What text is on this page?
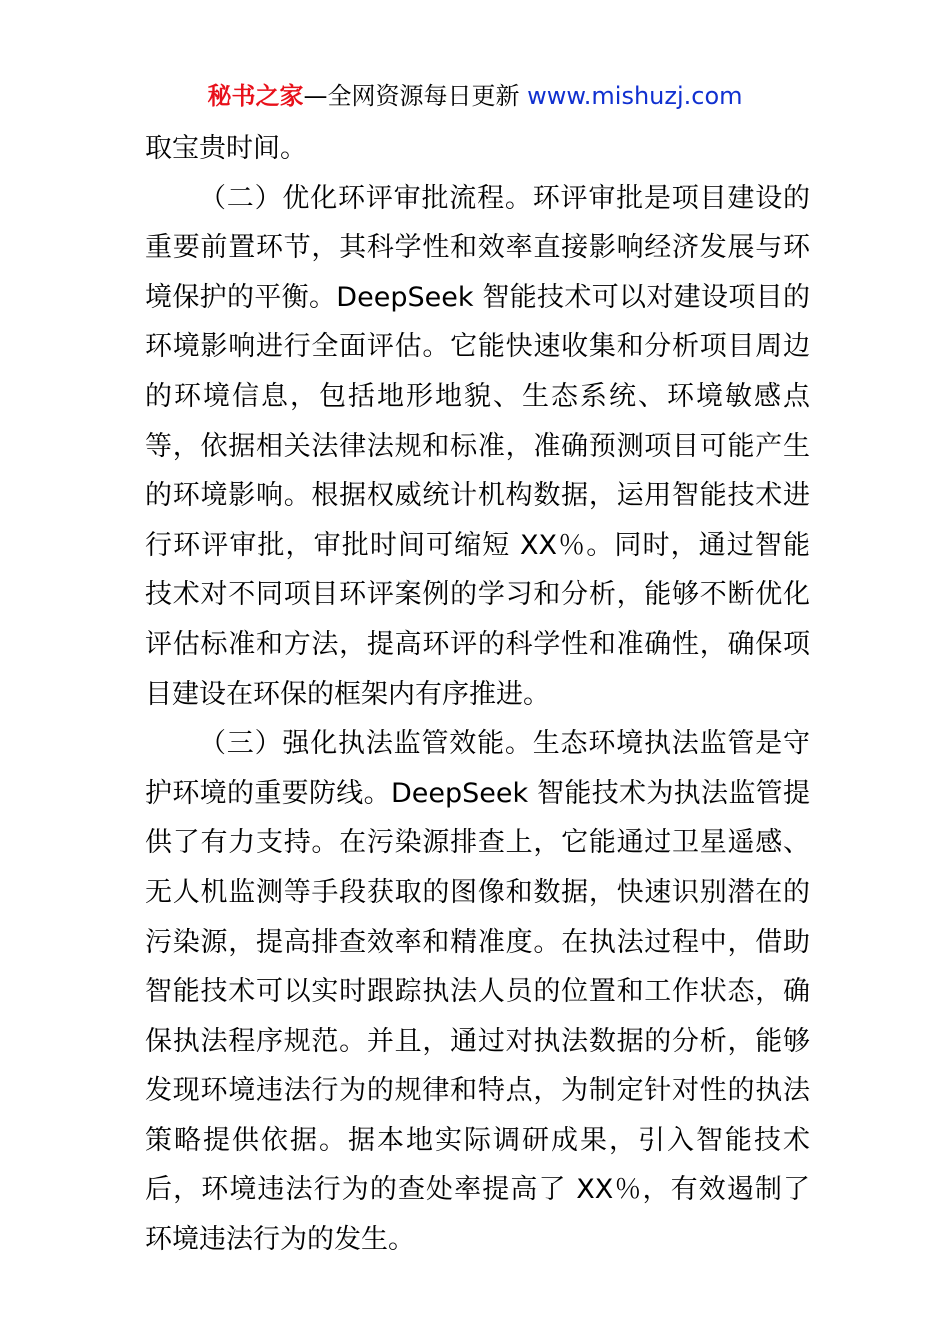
秘书之家—全网资源每日更新 www.mishuzj.com

取宝贵时间。

（二）优化环评审批流程。环评审批是项目建设的重要前置环节，其科学性和效率直接影响经济发展与环境保护的平衡。DeepSeek 智能技术可以对建设项目的环境影响进行全面评估。它能快速收集和分析项目周边的环境信息，包括地形地貌、生态系统、环境敏感点等，依据相关法律法规和标准，准确预测项目可能产生的环境影响。根据权威统计机构数据，运用智能技术进行环评审批，审批时间可缩短 XX％。同时，通过智能技术对不同项目环评案例的学习和分析，能够不断优化评估标准和方法，提高环评的科学性和准确性，确保项目建设在环保的框架内有序推进。

（三）强化执法监管效能。生态环境执法监管是守护环境的重要防线。DeepSeek 智能技术为执法监管提供了有力支持。在污染源排查上，它能通过卫星遥感、无人机监测等手段获取的图像和数据，快速识别潜在的污染源，提高排查效率和精准度。在执法过程中，借助智能技术可以实时跟踪执法人员的位置和工作状态，确保执法程序规范。并且，通过对执法数据的分析，能够发现环境违法行为的规律和特点，为制定针对性的执法策略提供依据。据本地实际调研成果，引入智能技术后，环境违法行为的查处率提高了 XX％，有效遏制了环境违法行为的发生。
